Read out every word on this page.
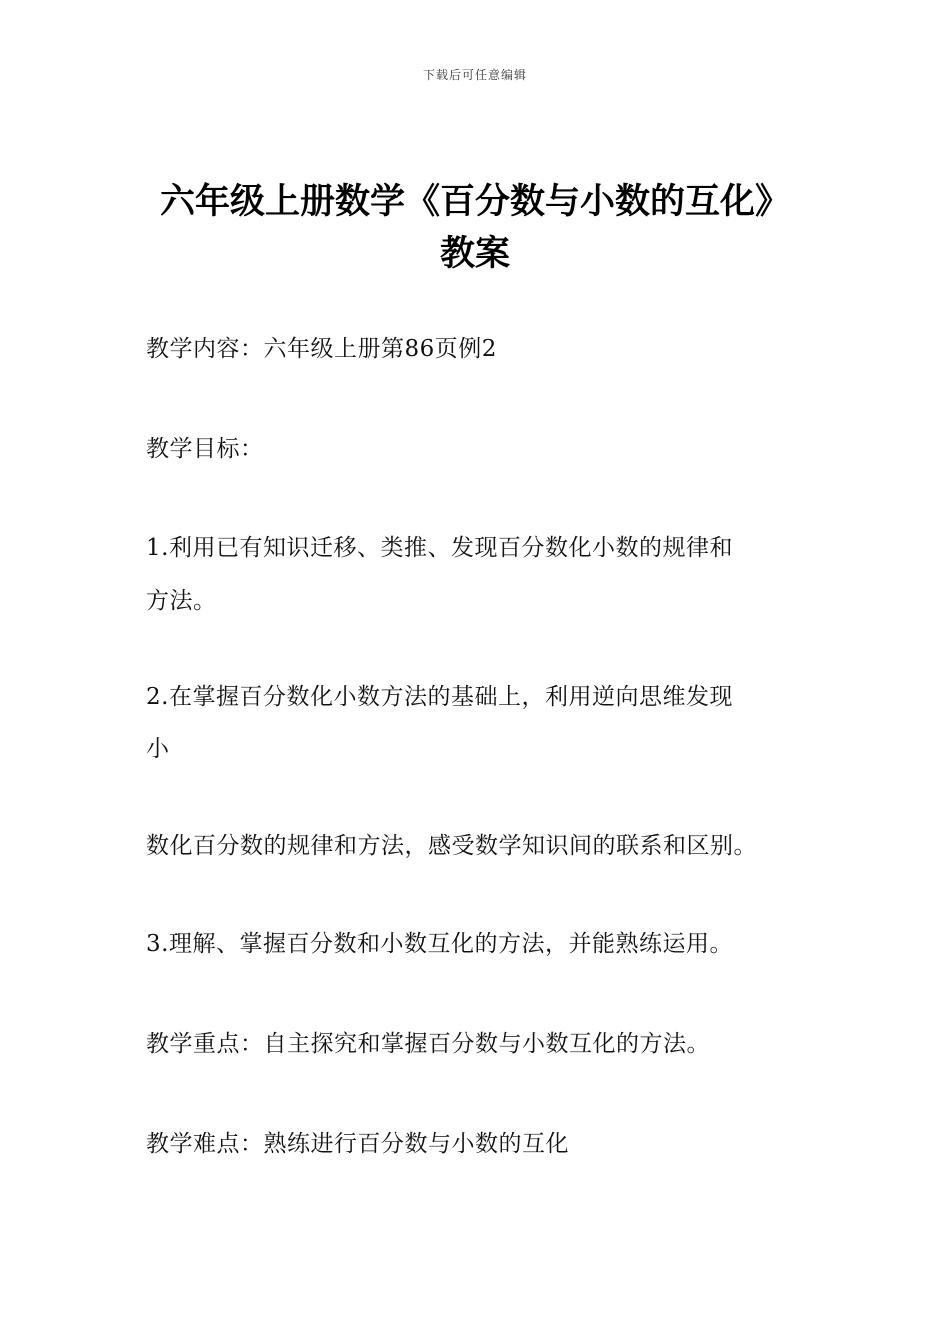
下载后可任意编辑
六年级上册数学《百分数与小数的互化》
教案

教学内容：六年级上册第86页例2

教学目标：

1.利用已有知识迁移、类推、发现百分数化小数的规律和

方法。

2.在掌握百分数化小数方法的基础上，利用逆向思维发现

小

数化百分数的规律和方法，感受数学知识间的联系和区别。

3.理解、掌握百分数和小数互化的方法，并能熟练运用。

教学重点：自主探究和掌握百分数与小数互化的方法。

教学难点：熟练进行百分数与小数的互化
